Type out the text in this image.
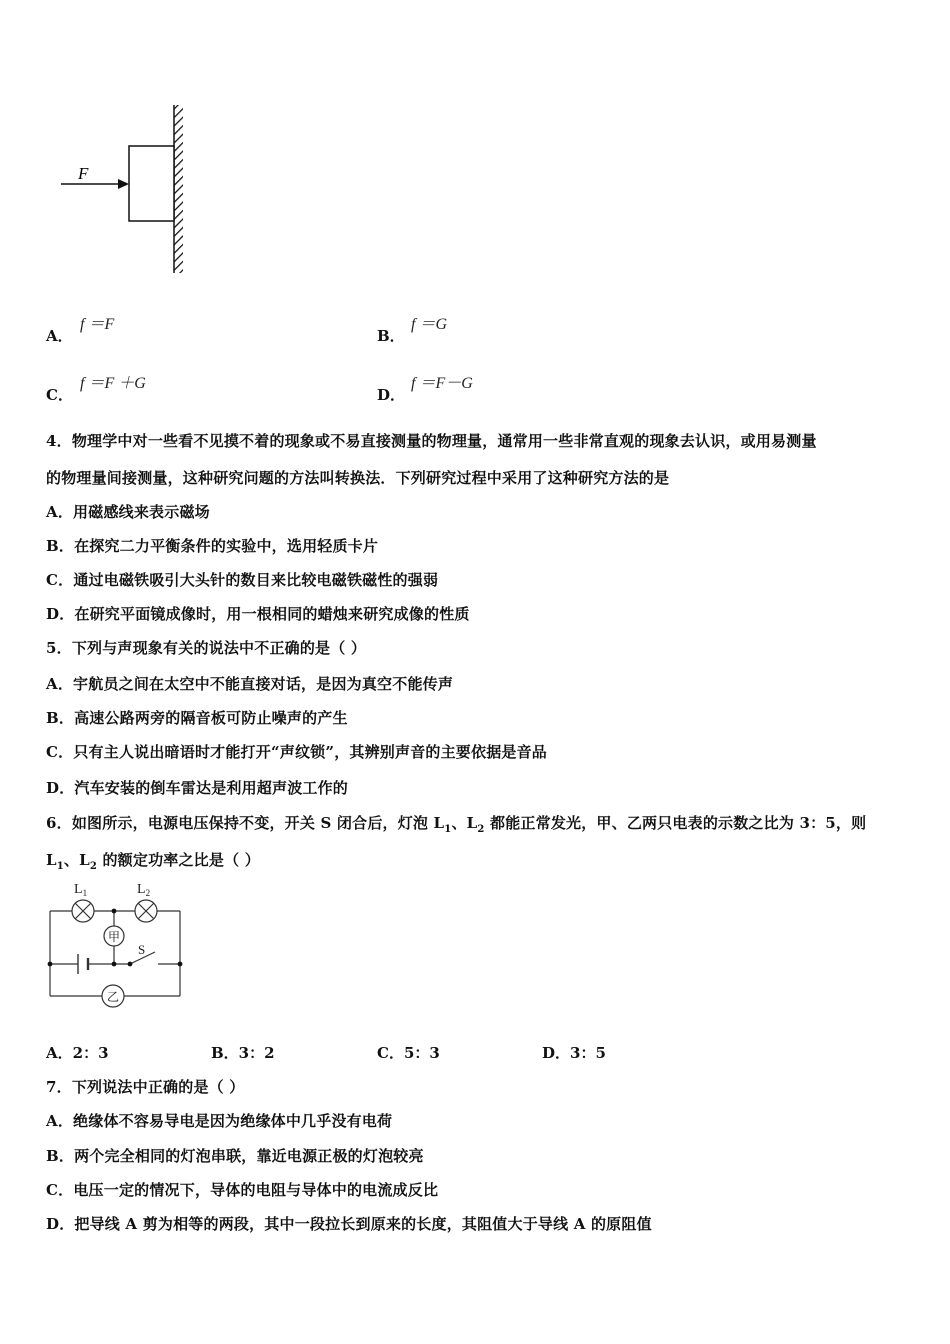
F
A．
f ＝F
B．
f ＝G
C．
f ＝F ＋G
D．
f ＝F－G
4．物理学中对一些看不见摸不着的现象或不易直接测量的物理量，通常用一些非常直观的现象去认识，或用易测量
的物理量间接测量，这种研究问题的方法叫转换法．下列研究过程中采用了这种研究方法的是
A．用磁感线来表示磁场
B．在探究二力平衡条件的实验中，选用轻质卡片
C．通过电磁铁吸引大头针的数目来比较电磁铁磁性的强弱
D．在研究平面镜成像时，用一根相同的蜡烛来研究成像的性质
5．下列与声现象有关的说法中不正确的是（ ）
A．宇航员之间在太空中不能直接对话，是因为真空不能传声
B．高速公路两旁的隔音板可防止噪声的产生
C．只有主人说出暗语时才能打开“声纹锁”，其辨别声音的主要依据是音品
D．汽车安装的倒车雷达是利用超声波工作的
6．如图所示，电源电压保持不变，开关 S 闭合后，灯泡 $L_1$、$L_2$ 都能正常发光，甲、乙两只电表的示数之比为 3：5，则
$L_1$、$L_2$ 的额定功率之比是（ ）
甲
乙
$L_1$	$L_2$
S
A．2：3	B．3：2	C．5：3	D．3：5
7．下列说法中正确的是（ ）
A．绝缘体不容易导电是因为绝缘体中几乎没有电荷
B．两个完全相同的灯泡串联，靠近电源正极的灯泡较亮
C．电压一定的情况下，导体的电阻与导体中的电流成反比
D．把导线 A 剪为相等的两段，其中一段拉长到原来的长度，其阻值大于导线 A 的原阻值
